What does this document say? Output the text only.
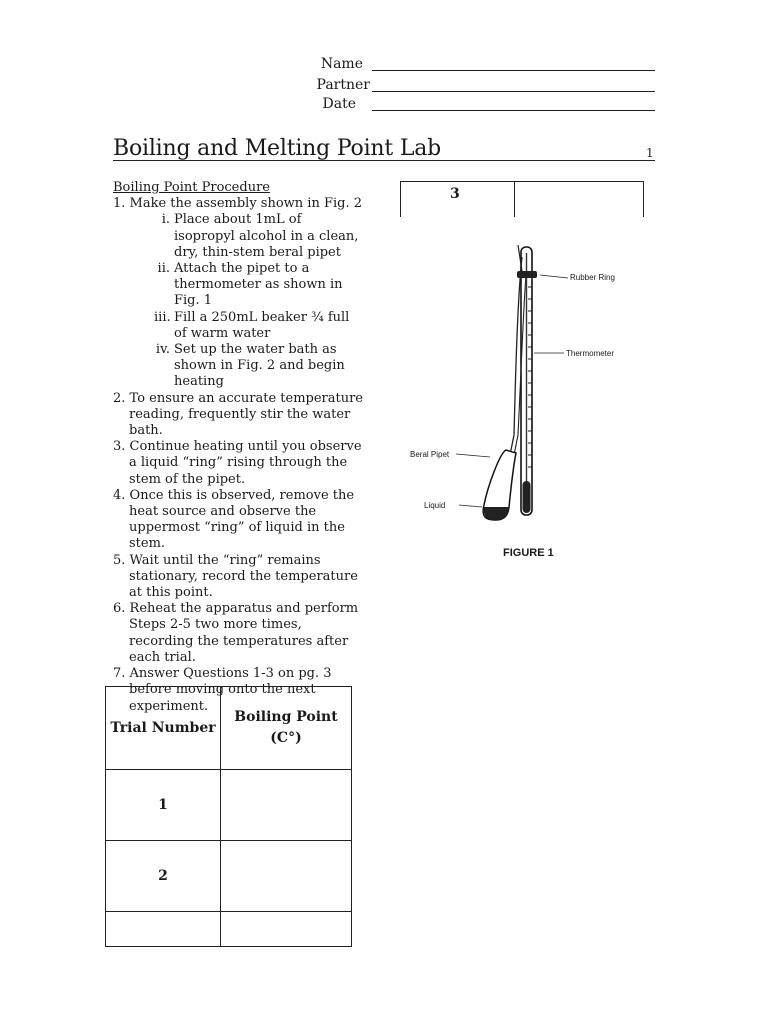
Name
Partner
Date
Boiling and Melting Point Lab	1

Boiling Point Procedure

1. Make the assembly shown in Fig. 2
i. Place about 1mL of isopropyl alcohol in a clean, dry, thin-stem beral pipet
ii. Attach the pipet to a thermometer as shown in Fig. 1
iii. Fill a 250mL beaker ¾ full of warm water
iv. Set up the water bath as shown in Fig. 2 and begin heating
2. To ensure an accurate temperature reading, frequently stir the water bath.
3. Continue heating until you observe a liquid “ring” rising through the stem of the pipet.
4. Once this is observed, remove the heat source and observe the uppermost “ring” of liquid in the stem.
5. Wait until the “ring” remains stationary, record the temperature at this point.
6. Reheat the apparatus and perform Steps 2-5 two more times, recording the temperatures after each trial.
7. Answer Questions 1-3 on pg. 3 before moving onto the next experiment.
3
Rubber Ring
Thermometer
Beral Pipet
Liquid
FIGURE 1
Trial Number	Boiling Point (C°)
1	
2	
